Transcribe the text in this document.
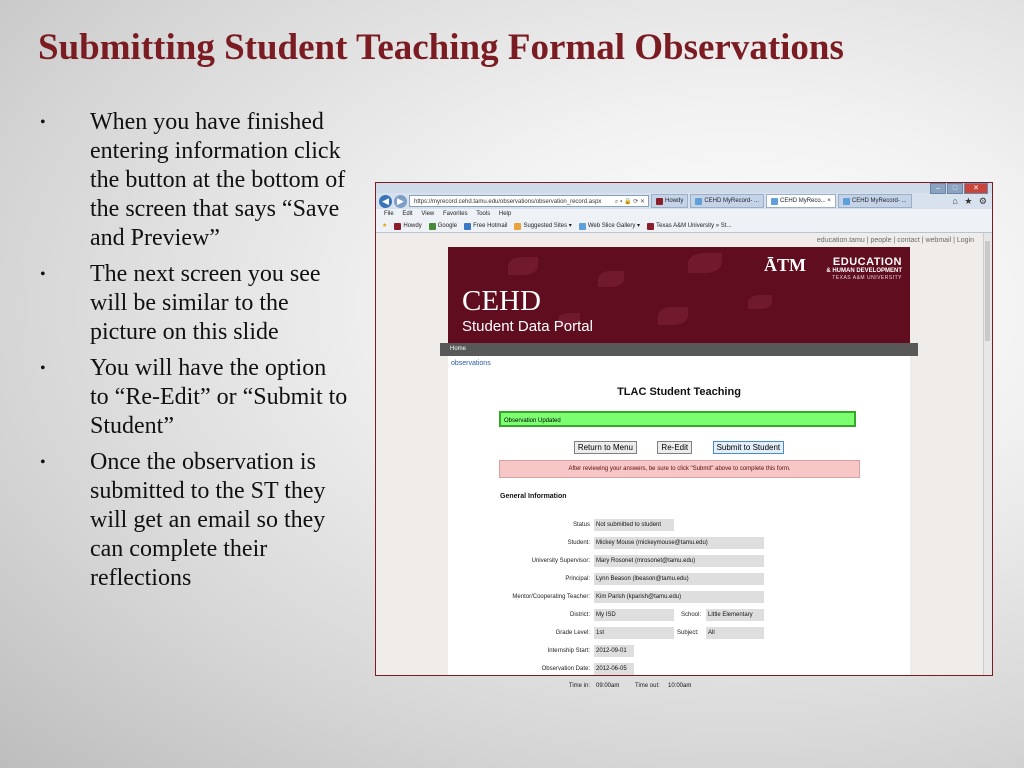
Submitting Student Teaching Formal Observations
• When you have finished entering information click the button at the bottom of the screen that says “Save and Preview”
• The next screen you see will be similar to the picture on this slide
• You will have the option to “Re-Edit” or “Submit to Student”
• Once the observation is submitted to the ST they will get an email so they can complete their reflections
–	□	✕
◀ ▶	https://myrecord.cehd.tamu.edu/observations/observation_record.aspx ⌕ ▾ 🔒 ⟳ ✕	Howdy	CEHD MyRecord- ...	CEHD MyReco... ×	CEHD MyRecord- ...	⌂ ★ ⚙
File Edit View Favorites Tools Help
★	Howdy	Google	Free Hotmail	Suggested Sites ▾	Web Slice Gallery ▾	Texas A&M University » St...
education.tamu | people | contact | webmail | Login
ĀTM EDUCATION
& HUMAN DEVELOPMENT
TEXAS A&M UNIVERSITY
CEHD
Student Data Portal
Home
observations
TLAC Student Teaching
Observation Updated
Return to Menu	Re-Edit	Submit to Student
After reviewing your answers, be sure to click "Submit" above to complete this form.
General Information
Status	Not submitted to student
Student:	Mickey Mouse (mickeymouse@tamu.edu)
University Supervisor:	Mary Rosonet (mrosonet@tamu.edu)
Principal:	Lynn Beason (lbeason@tamu.edu)
Mentor/Cooperating Teacher:	Kim Parish (kparish@tamu.edu)
District:	My ISD	School:	Little Elementary
Grade Level:	1st	Subject:	All
Internship Start:	2012-09-01
Observation Date:	2012-06-05
Time in:	09:00am	Time out:	10:00am
